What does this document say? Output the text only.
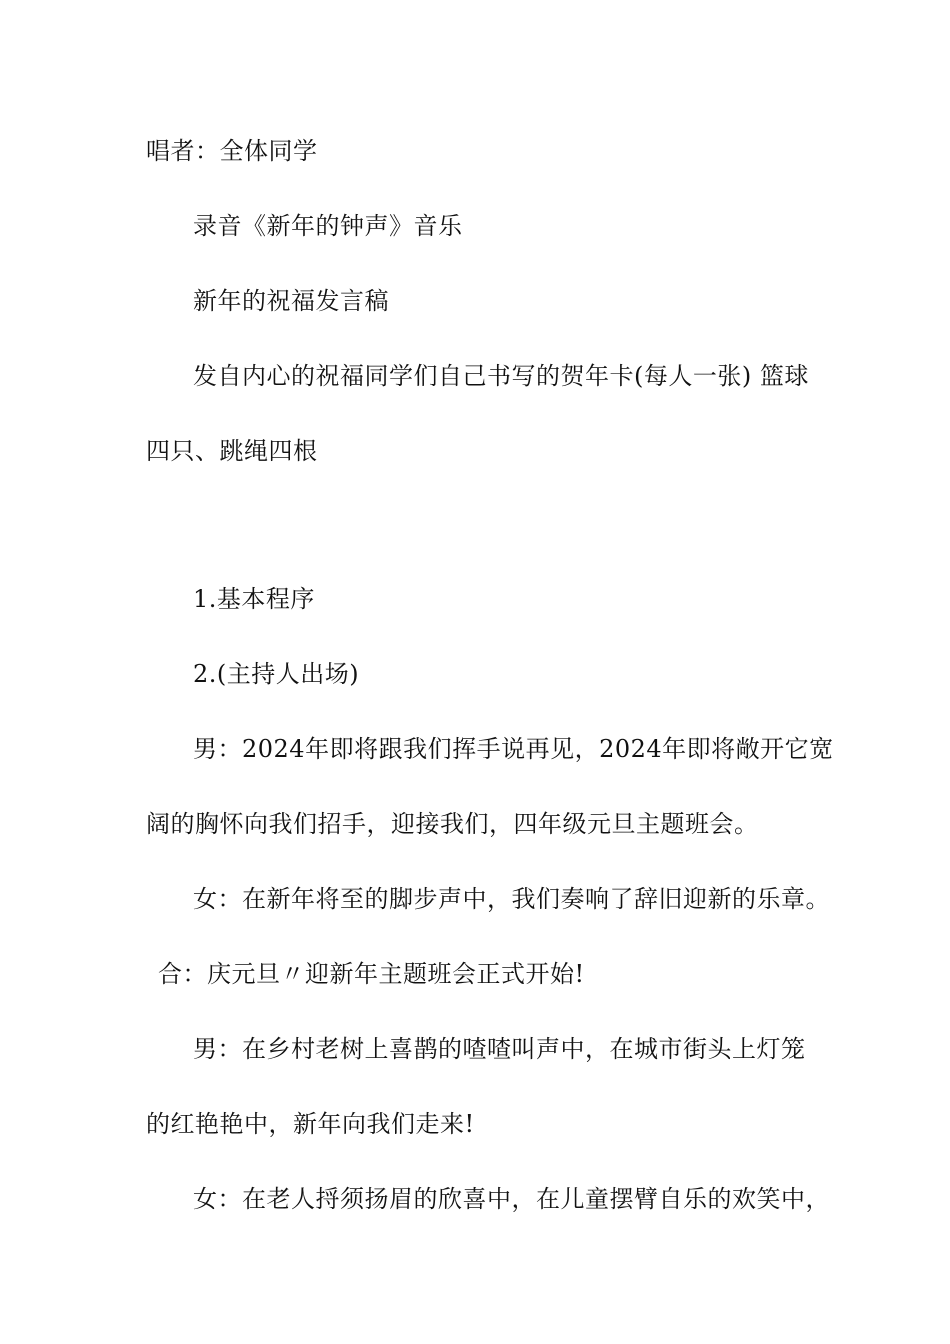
唱者：全体同学
录音《新年的钟声》音乐
新年的祝福发言稿
发自内心的祝福同学们自己书写的贺年卡(每人一张) 篮球
四只、跳绳四根
1.基本程序
2.(主持人出场)
男：2024年即将跟我们挥手说再见，2024年即将敞开它宽
阔的胸怀向我们招手，迎接我们，四年级元旦主题班会。
女：在新年将至的脚步声中，我们奏响了辞旧迎新的乐章。
合：庆元旦〃迎新年主题班会正式开始!
男：在乡村老树上喜鹊的喳喳叫声中，在城市街头上灯笼
的红艳艳中，新年向我们走来!
女：在老人捋须扬眉的欣喜中，在儿童摆臂自乐的欢笑中，
